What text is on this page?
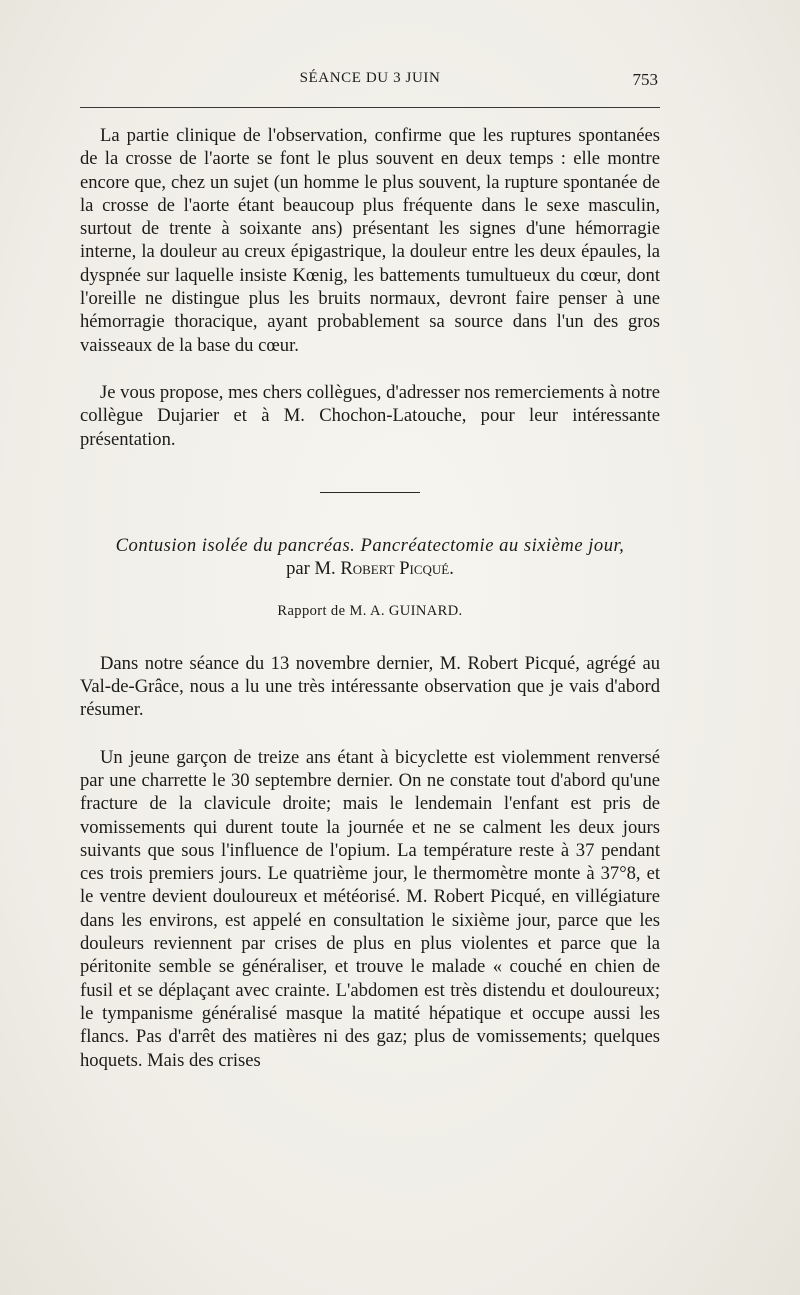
SÉANCE DU 3 JUIN	753

La partie clinique de l'observation, confirme que les ruptures spontanées de la crosse de l'aorte se font le plus souvent en deux temps : elle montre encore que, chez un sujet (un homme le plus souvent, la rupture spontanée de la crosse de l'aorte étant beaucoup plus fréquente dans le sexe masculin, surtout de trente à soixante ans) présentant les signes d'une hémorragie interne, la douleur au creux épigastrique, la douleur entre les deux épaules, la dyspnée sur laquelle insiste Kœnig, les battements tumultueux du cœur, dont l'oreille ne distingue plus les bruits normaux, devront faire penser à une hémorragie thoracique, ayant probablement sa source dans l'un des gros vaisseaux de la base du cœur.

Je vous propose, mes chers collègues, d'adresser nos remerciements à notre collègue Dujarier et à M. Chochon-Latouche, pour leur intéressante présentation.

Contusion isolée du pancréas. Pancréatectomie au sixième jour,

par M. Robert Picqué.

Rapport de M. A. GUINARD.

Dans notre séance du 13 novembre dernier, M. Robert Picqué, agrégé au Val-de-Grâce, nous a lu une très intéressante observation que je vais d'abord résumer.

Un jeune garçon de treize ans étant à bicyclette est violemment renversé par une charrette le 30 septembre dernier. On ne constate tout d'abord qu'une fracture de la clavicule droite; mais le lendemain l'enfant est pris de vomissements qui durent toute la journée et ne se calment les deux jours suivants que sous l'influence de l'opium. La température reste à 37 pendant ces trois premiers jours. Le quatrième jour, le thermomètre monte à 37°8, et le ventre devient douloureux et météorisé. M. Robert Picqué, en villégiature dans les environs, est appelé en consultation le sixième jour, parce que les douleurs reviennent par crises de plus en plus violentes et parce que la péritonite semble se généraliser, et trouve le malade « couché en chien de fusil et se déplaçant avec crainte. L'abdomen est très distendu et douloureux; le tympanisme généralisé masque la matité hépatique et occupe aussi les flancs. Pas d'arrêt des matières ni des gaz; plus de vomissements; quelques hoquets. Mais des crises
